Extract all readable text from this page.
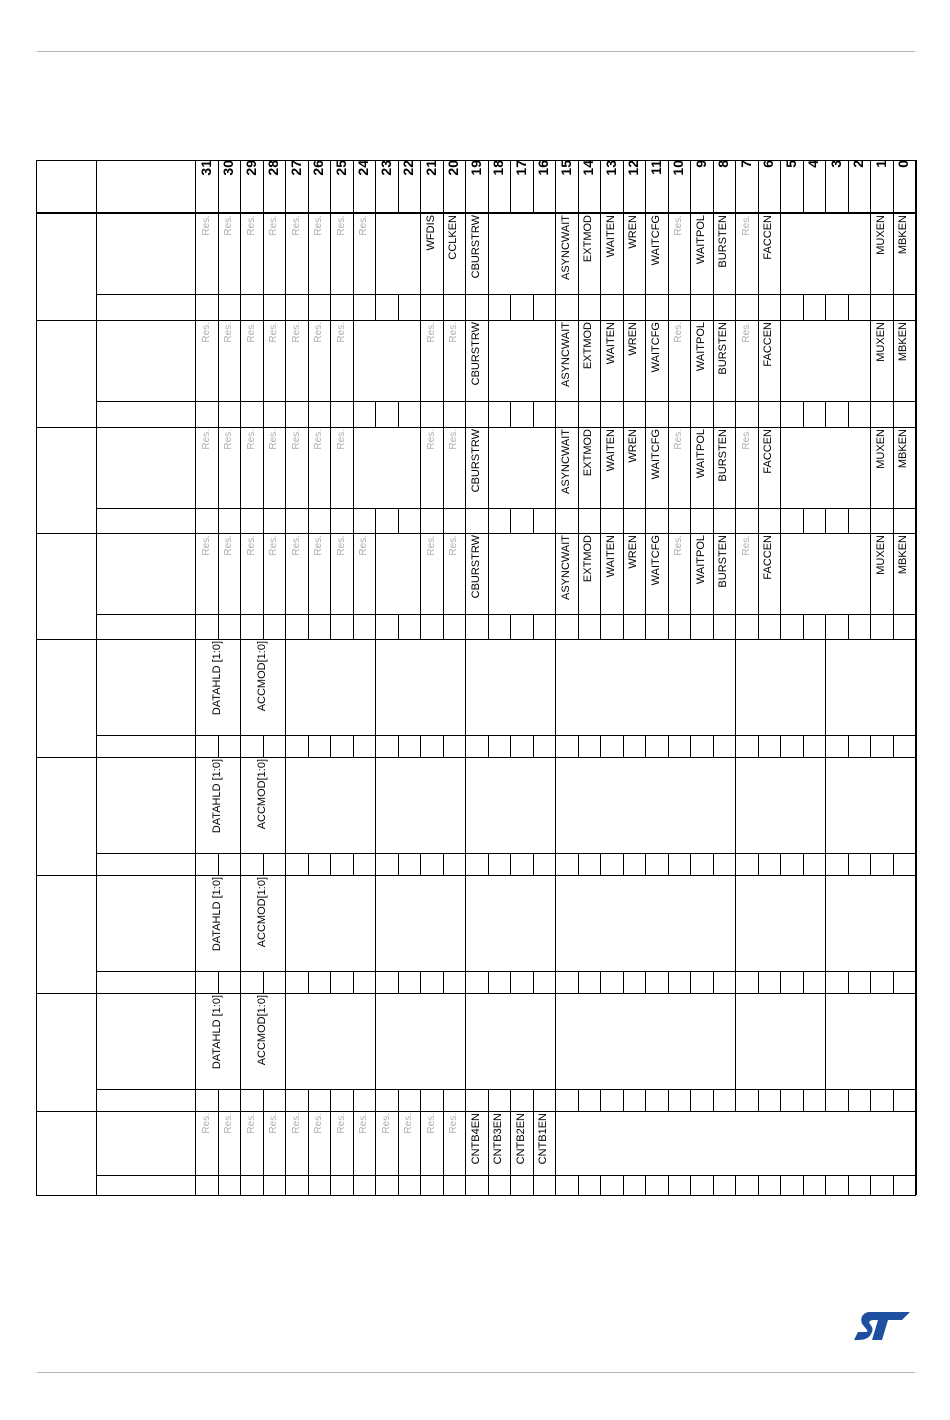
31 30 29 28 27 26 25 24 23 22 21 20 19 18 17 16 15 14 13 12 11 10 9 8 7 6 5 4 3 2 1 0
Res. Res. Res. Res. Res. Res. Res. Res.	WFDIS CCLKEN CBURSTRW	ASYNCWAIT EXTMOD WAITEN WREN WAITCFG Res. WAITPOL BURSTEN Res. FACCEN	MUXEN MBKEN
Res. Res. Res. Res. Res. Res. Res.	Res. Res. CBURSTRW	ASYNCWAIT EXTMOD WAITEN WREN WAITCFG Res. WAITPOL BURSTEN Res. FACCEN	MUXEN MBKEN
Res. Res. Res. Res. Res. Res. Res.	Res. Res. CBURSTRW	ASYNCWAIT EXTMOD WAITEN WREN WAITCFG Res. WAITPOL BURSTEN Res. FACCEN	MUXEN MBKEN
Res. Res. Res. Res. Res. Res. Res. Res.	Res. Res. CBURSTRW	ASYNCWAIT EXTMOD WAITEN WREN WAITCFG Res. WAITPOL BURSTEN Res. FACCEN	MUXEN MBKEN
DATAHLD [1:0]	ACCMOD[1:0]
DATAHLD [1:0]	ACCMOD[1:0]
DATAHLD [1:0]	ACCMOD[1:0]
DATAHLD [1:0]	ACCMOD[1:0]
Res. Res. Res. Res. Res. Res. Res. Res. Res. Res. Res. Res. CNTB4EN CNTB3EN CNTB2EN CNTB1EN
